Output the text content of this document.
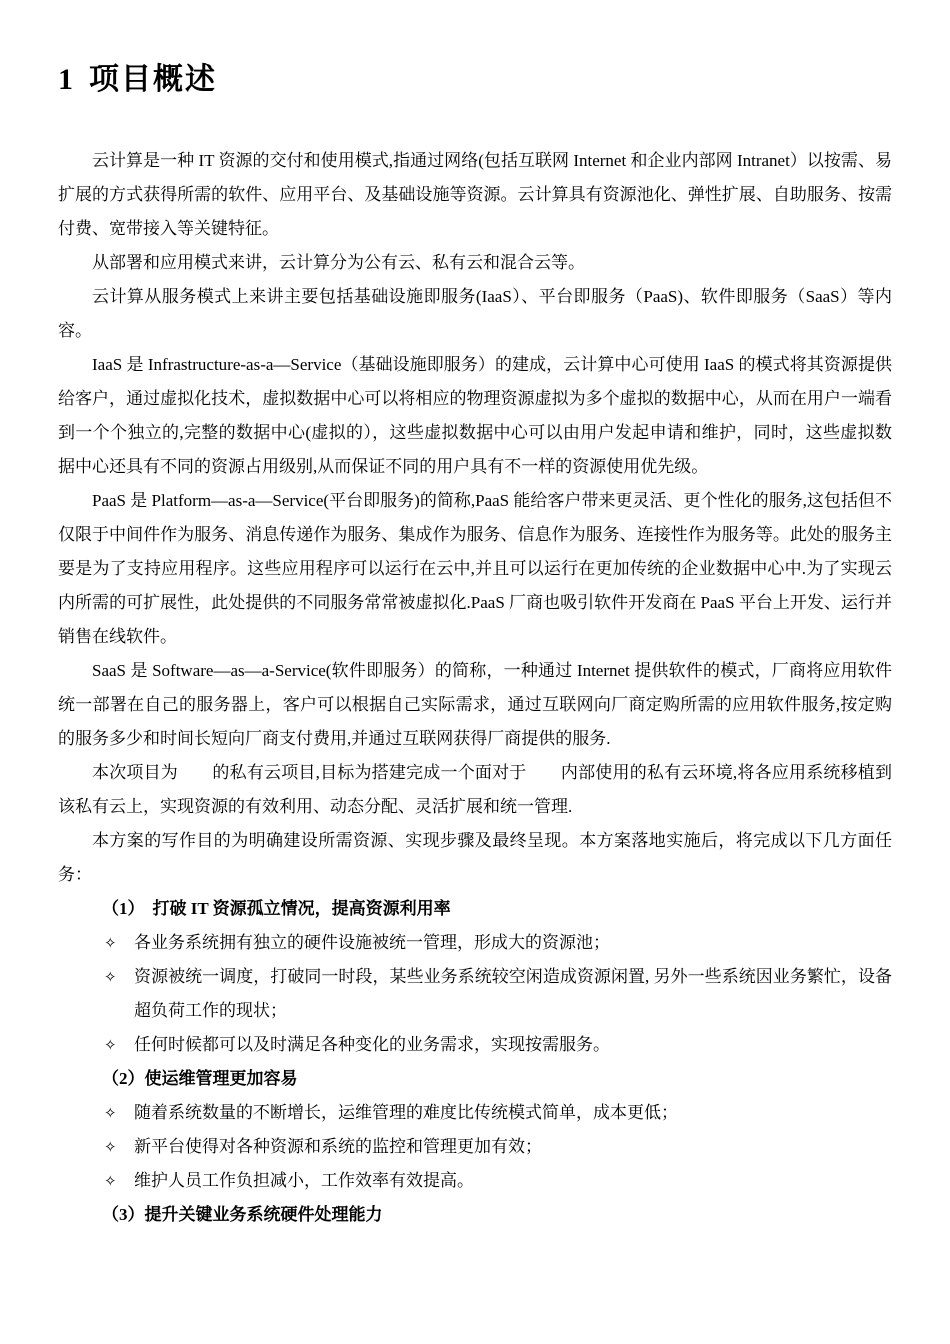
1 项目概述

云计算是一种 IT 资源的交付和使用模式,指通过网络(包括互联网 Internet 和企业内部网 Intranet）以按需、易扩展的方式获得所需的软件、应用平台、及基础设施等资源。云计算具有资源池化、弹性扩展、自助服务、按需付费、宽带接入等关键特征。

从部署和应用模式来讲，云计算分为公有云、私有云和混合云等。

云计算从服务模式上来讲主要包括基础设施即服务(IaaS）、平台即服务（PaaS)、软件即服务（SaaS）等内容。

IaaS 是 Infrastructure-as-a—Service（基础设施即服务）的建成，云计算中心可使用 IaaS 的模式将其资源提供给客户，通过虚拟化技术，虚拟数据中心可以将相应的物理资源虚拟为多个虚拟的数据中心，从而在用户一端看到一个个独立的,完整的数据中心(虚拟的），这些虚拟数据中心可以由用户发起申请和维护，同时，这些虚拟数据中心还具有不同的资源占用级别,从而保证不同的用户具有不一样的资源使用优先级。

PaaS 是 Platform—as-a—Service(平台即服务)的简称,PaaS 能给客户带来更灵活、更个性化的服务,这包括但不仅限于中间件作为服务、消息传递作为服务、集成作为服务、信息作为服务、连接性作为服务等。此处的服务主要是为了支持应用程序。这些应用程序可以运行在云中,并且可以运行在更加传统的企业数据中心中.为了实现云内所需的可扩展性，此处提供的不同服务常常被虚拟化.PaaS 厂商也吸引软件开发商在 PaaS 平台上开发、运行并销售在线软件。

SaaS 是 Software—as—a-Service(软件即服务）的简称，一种通过 Internet 提供软件的模式，厂商将应用软件统一部署在自己的服务器上，客户可以根据自己实际需求，通过互联网向厂商定购所需的应用软件服务,按定购的服务多少和时间长短向厂商支付费用,并通过互联网获得厂商提供的服务.

本次项目为　　的私有云项目,目标为搭建完成一个面对于　　内部使用的私有云环境,将各应用系统移植到该私有云上，实现资源的有效利用、动态分配、灵活扩展和统一管理.

本方案的写作目的为明确建设所需资源、实现步骤及最终呈现。本方案落地实施后，将完成以下几方面任务：

（1） 打破 IT 资源孤立情况，提高资源利用率
✧ 各业务系统拥有独立的硬件设施被统一管理，形成大的资源池；
✧ 资源被统一调度，打破同一时段，某些业务系统较空闲造成资源闲置, 另外一些系统因业务繁忙，设备超负荷工作的现状；
✧ 任何时候都可以及时满足各种变化的业务需求，实现按需服务。
（2）使运维管理更加容易
✧ 随着系统数量的不断增长，运维管理的难度比传统模式简单，成本更低；
✧ 新平台使得对各种资源和系统的监控和管理更加有效；
✧ 维护人员工作负担减小，工作效率有效提高。
（3）提升关键业务系统硬件处理能力
